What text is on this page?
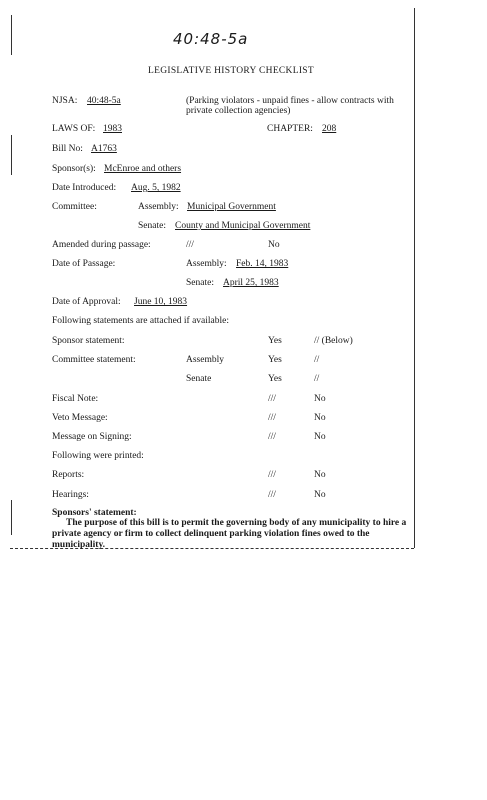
40:48-5a
LEGISLATIVE HISTORY CHECKLIST
NJSA: 40:48-5a	(Parking violators - unpaid fines - allow contracts with
private collection agencies)
LAWS OF: 1983	CHAPTER: 208
Bill No: A1763
Sponsor(s): McEnroe and others
Date Introduced: Aug. 5, 1982
Committee:	Assembly: Municipal Government
Senate: County and Municipal Government
Amended during passage:	///	No
Date of Passage:	Assembly: Feb. 14, 1983
Senate: April 25, 1983
Date of Approval: June 10, 1983
Following statements are attached if available:
Sponsor statement:	Yes	// (Below)
Committee statement:	Assembly	Yes	//
Senate	Yes	//
Fiscal Note:	///	No
Veto Message:	///	No
Message on Signing:	///	No
Following were printed:
Reports:	///	No
Hearings:	///	No
Sponsors' statement:
The purpose of this bill is to permit the governing body of any municipality to hire a private agency or firm to collect delinquent parking violation fines owed to the municipality.
